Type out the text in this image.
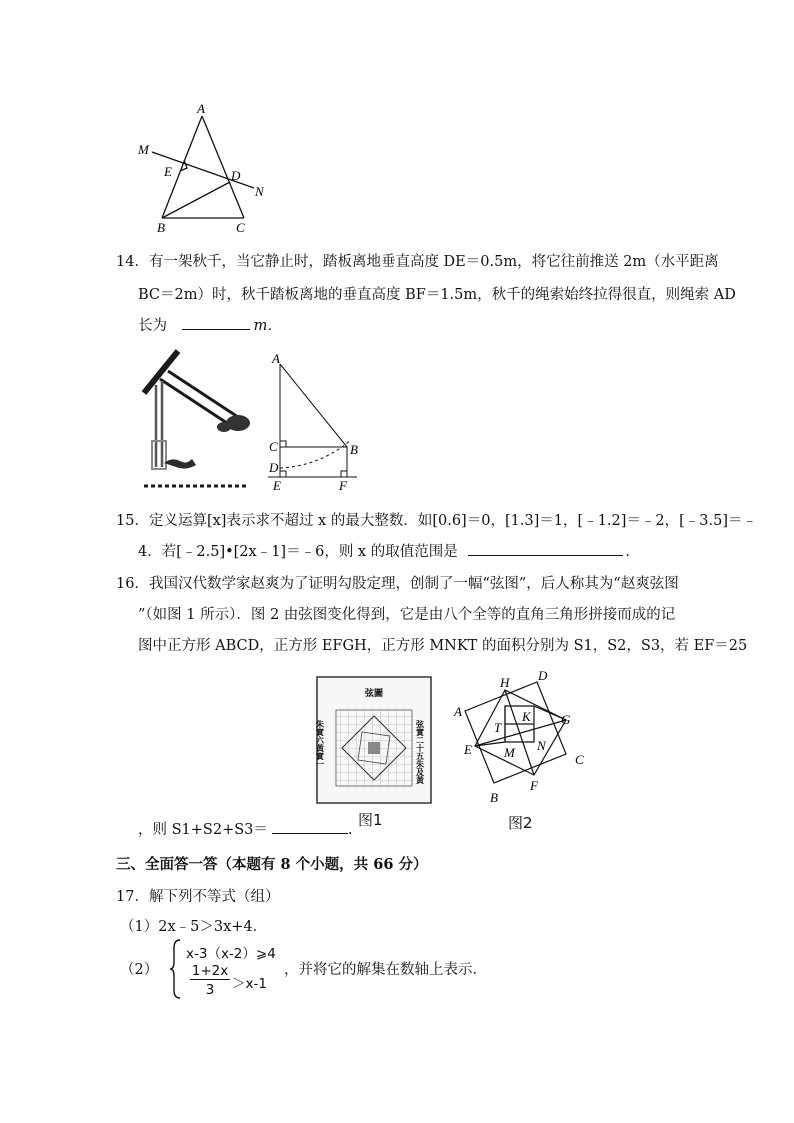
A
M
E	D
N
B	C
14．有一架秋千，当它静止时，踏板离地垂直高度 DE＝0.5m，将它往前推送 2m（水平距离
BC＝2m）时，秋千踏板离地的垂直高度 BF＝1.5m，秋千的绳索始终拉得很直，则绳索 AD
长为	m．
A
C	B
D
E	F
15．定义运算[x]表示求不超过 x 的最大整数．如[0.6]＝0，[1.3]＝1，[﹣1.2]＝﹣2，[﹣3.5]＝﹣
4．若[﹣2.5]•[2x﹣1]＝﹣6，则 x 的取值范围是	．
16．我国汉代数学家赵爽为了证明勾股定理，创制了一幅“弦图”，后人称其为“赵爽弦图
”（如图 1 所示）．图 2 由弦图变化得到，它是由八个全等的直角三角形拼接而成的记
图中正方形 ABCD，正方形 EFGH，正方形 MNKT 的面积分别为 S1，S2，S3，若 EF＝25
弦圖
朱實六黃實一	弦實二十五朱及黃
图1
H D
A	K G
T
E M N
C
F
B
图2
，则 S1+S2+S3＝	.
三、全面答一答（本题有 8 个小题，共 66 分）
17．解下列不等式（组）
（1）2x﹣5＞3x+4．
（2）
x-3（x-2）⩾4
1+2x
3	＞x-1
，并将它的解集在数轴上表示．
